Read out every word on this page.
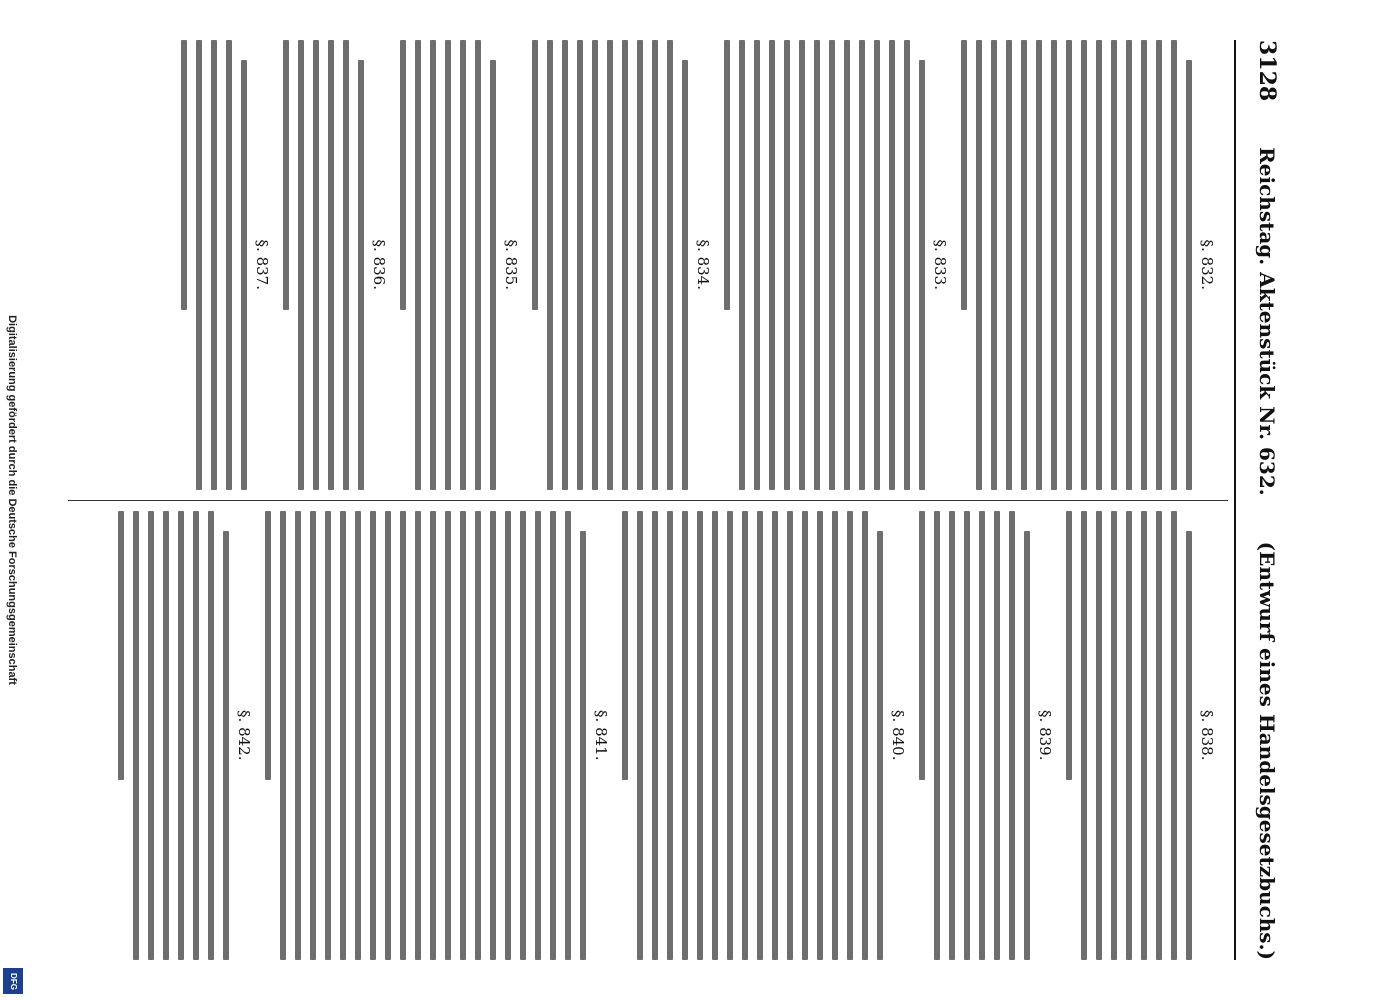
Digitalisierung gefördert durch die Deutsche Forschungsgemeinschaft
DFG
3128
Reichstag. Aktenstück Nr. 632.
(Entwurf eines Handelsgesetzbuchs.)
§. 832.
§. 833.
§. 834.
§. 835.
§. 836.
§. 837.
§. 838.
§. 839.
§. 840.
§. 841.
§. 842.
